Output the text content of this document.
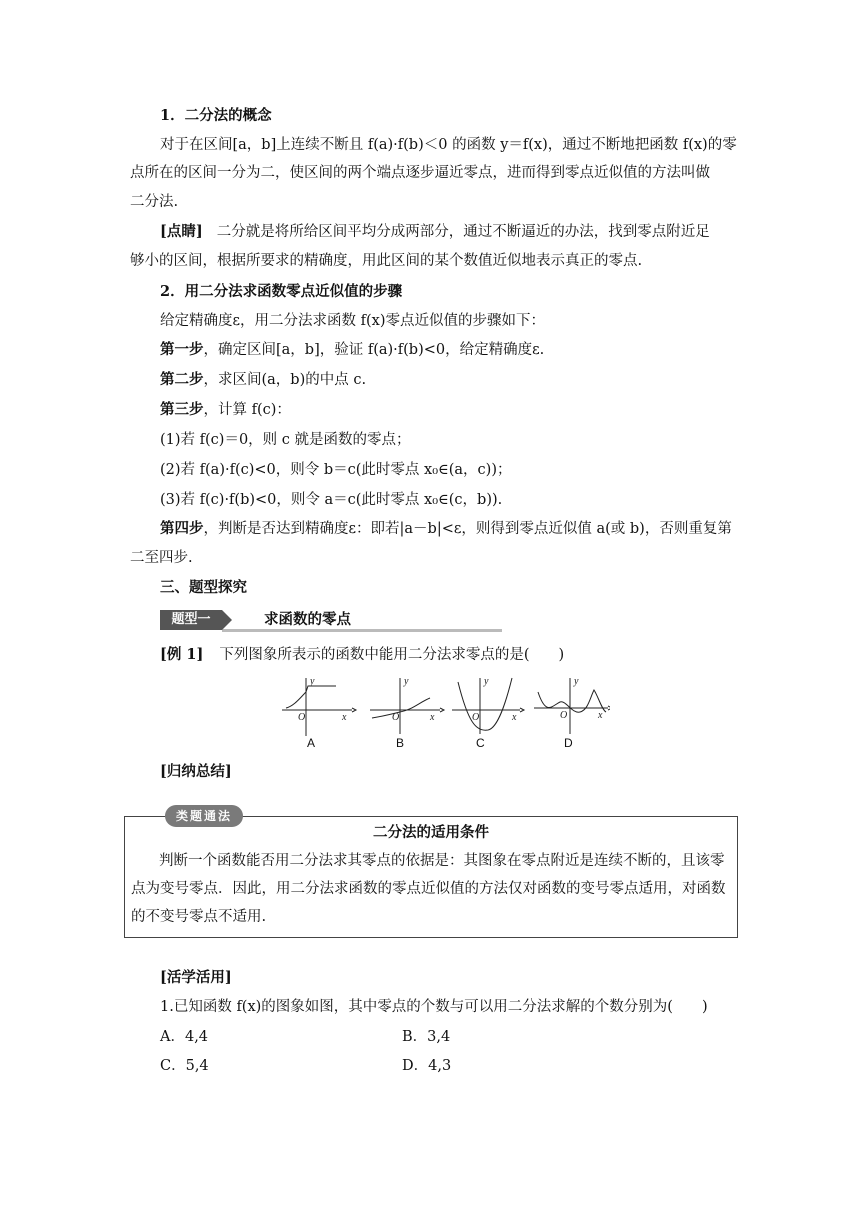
1．二分法的概念
对于在区间[a，b]上连续不断且 f(a)·f(b)＜0 的函数 y＝f(x)，通过不断地把函数 f(x)的零
点所在的区间一分为二，使区间的两个端点逐步逼近零点，进而得到零点近似值的方法叫做
二分法.
[点睛] 二分就是将所给区间平均分成两部分，通过不断逼近的办法，找到零点附近足
够小的区间，根据所要求的精确度，用此区间的某个数值近似地表示真正的零点.
2．用二分法求函数零点近似值的步骤
给定精确度ε，用二分法求函数 f(x)零点近似值的步骤如下：
第一步，确定区间[a，b]，验证 f(a)·f(b)<0，给定精确度ε.
第二步，求区间(a，b)的中点 c.
第三步，计算 f(c)：
(1)若 f(c)＝0，则 c 就是函数的零点；
(2)若 f(a)·f(c)<0，则令 b＝c(此时零点 x₀∈(a，c))；
(3)若 f(c)·f(b)<0，则令 a＝c(此时零点 x₀∈(c，b)).
第四步，判断是否达到精确度ε：即若|a－b|<ε，则得到零点近似值 a(或 b)，否则重复第
二至四步.
三、题型探究
题型一	求函数的零点
[例 1] 下列图象所表示的函数中能用二分法求零点的是(　　)
y
O	x
y
O	x
y
O	x
y
O	x
A	B	C	D
[归纳总结]
类题通法
二分法的适用条件
判断一个函数能否用二分法求其零点的依据是：其图象在零点附近是连续不断的，且该零点为变号零点．因此，用二分法求函数的零点近似值的方法仅对函数的变号零点适用，对函数的不变号零点不适用.
[活学活用]
1.已知函数 f(x)的图象如图，其中零点的个数与可以用二分法求解的个数分别为(　　)
A．4,4	B．3,4
C．5,4	D．4,3
